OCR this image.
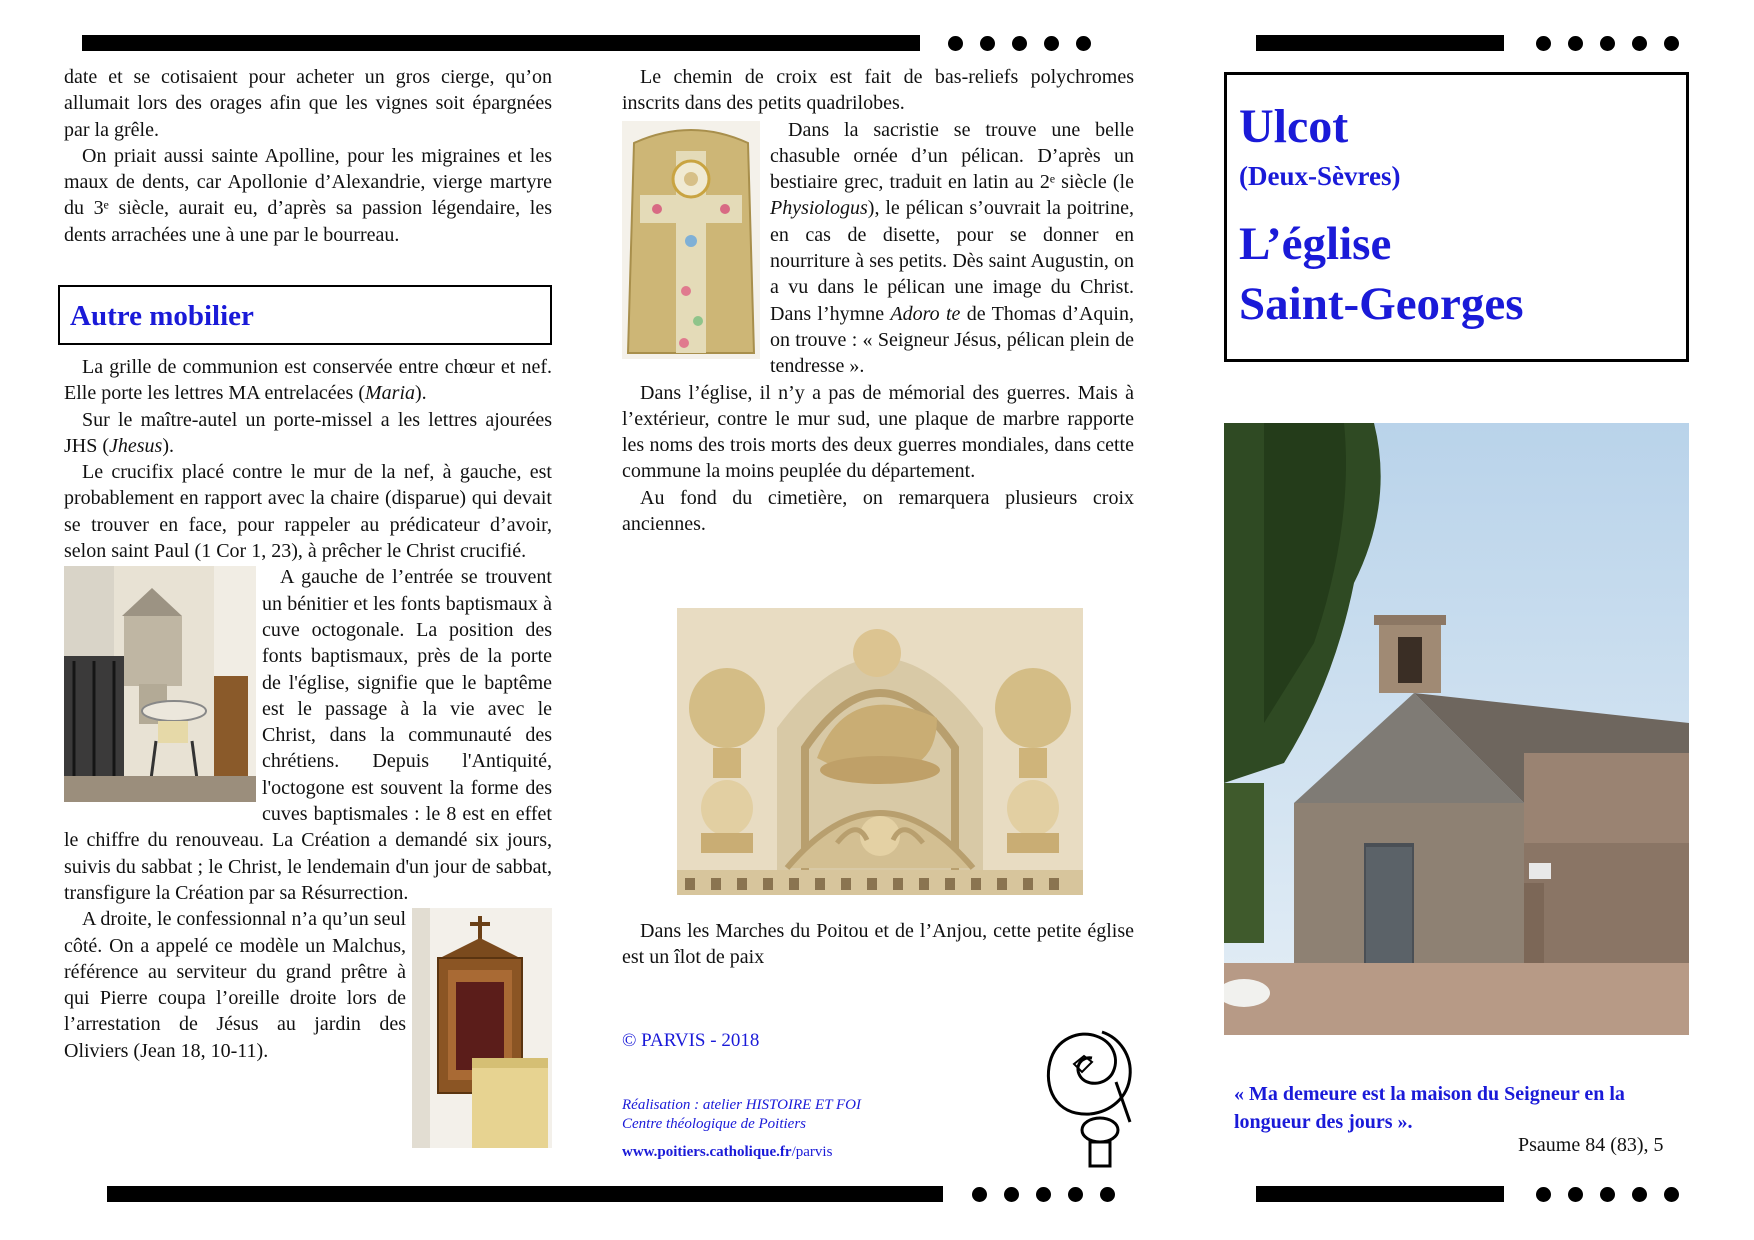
date et se cotisaient pour acheter un gros cierge, qu’on allumait lors des orages afin que les vignes soit épargnées par la grêle.

On priait aussi sainte Apolline, pour les migraines et les maux de dents, car Apollonie d’Alexandrie, vierge martyre du 3ᵉ siècle, aurait eu, d’après sa passion légendaire, les dents arrachées une à une par le bourreau.

Autre mobilier

La grille de communion est conservée entre chœur et nef. Elle porte les lettres MA entrelacées (Maria).

Sur le maître-autel un porte-missel a les lettres ajourées JHS (Jhesus).

Le crucifix placé contre le mur de la nef, à gauche, est probablement en rapport avec la chaire (disparue) qui devait se trouver en face, pour rappeler au prédicateur d’avoir, selon saint Paul (1 Cor 1, 23), à prêcher le Christ crucifié.

A gauche de l’entrée se trouvent un bénitier et les fonts baptismaux à cuve octogonale. La position des fonts baptismaux, près de la porte de l'église, signifie que le baptême est le passage à la vie avec le Christ, dans la communauté des chrétiens. Depuis l'Antiquité, l'octogone est souvent la forme des cuves baptismales : le 8 est en effet le chiffre du renouveau. La Création a demandé six jours, suivis du sabbat ; le Christ, le lendemain d'un jour de sabbat, transfigure la Création par sa Résurrection.

A droite, le confessionnal n’a qu’un seul côté. On a appelé ce modèle un Malchus, référence au serviteur du grand prêtre à qui Pierre coupa l’oreille droite lors de l’arrestation de Jésus au jardin des Oliviers (Jean 18, 10-11).

Le chemin de croix est fait de bas-reliefs polychromes inscrits dans des petits quadrilobes.

Dans la sacristie se trouve une belle chasuble ornée d’un pélican. D’après un bestiaire grec, traduit en latin au 2ᵉ siècle (le Physiologus), le pélican s’ouvrait la poitrine, en cas de disette, pour se donner en nourriture à ses petits. Dès saint Augustin, on a vu dans le pélican une image du Christ. Dans l’hymne Adoro te de Thomas d’Aquin, on trouve : « Seigneur Jésus, pélican plein de tendresse ».

Dans l’église, il n’y a pas de mémorial des guerres. Mais à l’extérieur, contre le mur sud, une plaque de marbre rapporte les noms des trois morts des deux guerres mondiales, dans cette commune la moins peuplée du département.

Au fond du cimetière, on remarquera plusieurs croix anciennes.

Dans les Marches du Poitou et de l’Anjou, cette petite église est un îlot de paix
© PARVIS - 2018
Réalisation : atelier HISTOIRE ET FOI
Centre théologique de Poitiers
www.poitiers.catholique.fr/parvis
Ulcot
(Deux-Sèvres)
L’église
Saint-Georges
« Ma demeure est la maison du Seigneur en la longueur des jours ».
Psaume 84 (83), 5
